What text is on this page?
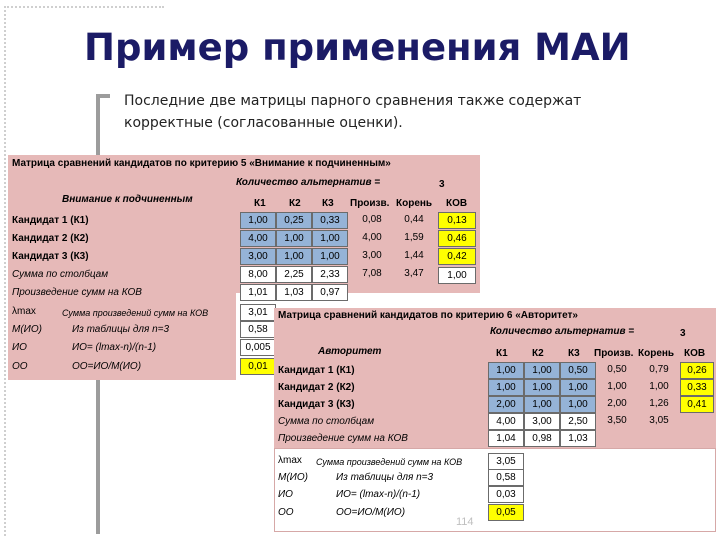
Пример применения МАИ
Последние две матрицы парного сравнения также содержат корректные (согласованные оценки).
Матрица сравнений кандидатов по критерию 5 «Внимание к подчиненным»
Количество альтернатив =	3
Внимание к подчиненным	К1 К2 К3 Произв. Корень КОВ
Кандидат 1 (К1)	1,00	0,25	0,33	0,08	0,44	0,13
Кандидат 2 (К2)	4,00	1,00	1,00	4,00	1,59	0,46
Кандидат 3 (К3)	3,00	1,00	1,00	3,00	1,44	0,42
Сумма по столбцам	8,00	2,25	2,33	7,08	3,47	1,00
Произведение сумм на КОВ	1,01	1,03	0,97
λmax	Сумма произведений сумм на КОВ	3,01
М(ИО)	Из таблицы для n=3	0,58
ИО	ИО= (lmax-n)/(n-1)	0,005
ОО	ОО=ИО/М(ИО)	0,01
Матрица сравнений кандидатов по критерию 6 «Авторитет»
Количество альтернатив =	3
Авторитет	К1 К2 К3 Произв. Корень КОВ
Кандидат 1 (К1)	1,00	1,00	0,50	0,50	0,79	0,26
Кандидат 2 (К2)	1,00	1,00	1,00	1,00	1,00	0,33
Кандидат 3 (К3)	2,00	1,00	1,00	2,00	1,26	0,41
Сумма по столбцам	4,00	3,00	2,50	3,50	3,05
Произведение сумм на КОВ	1,04	0,98	1,03
λmax Сумма произведений сумм на КОВ	3,05
М(ИО)	Из таблицы для n=3	0,58
ИО	ИО= (lmax-n)/(n-1)	0,03
ОО	ОО=ИО/М(ИО)	0,05
114
